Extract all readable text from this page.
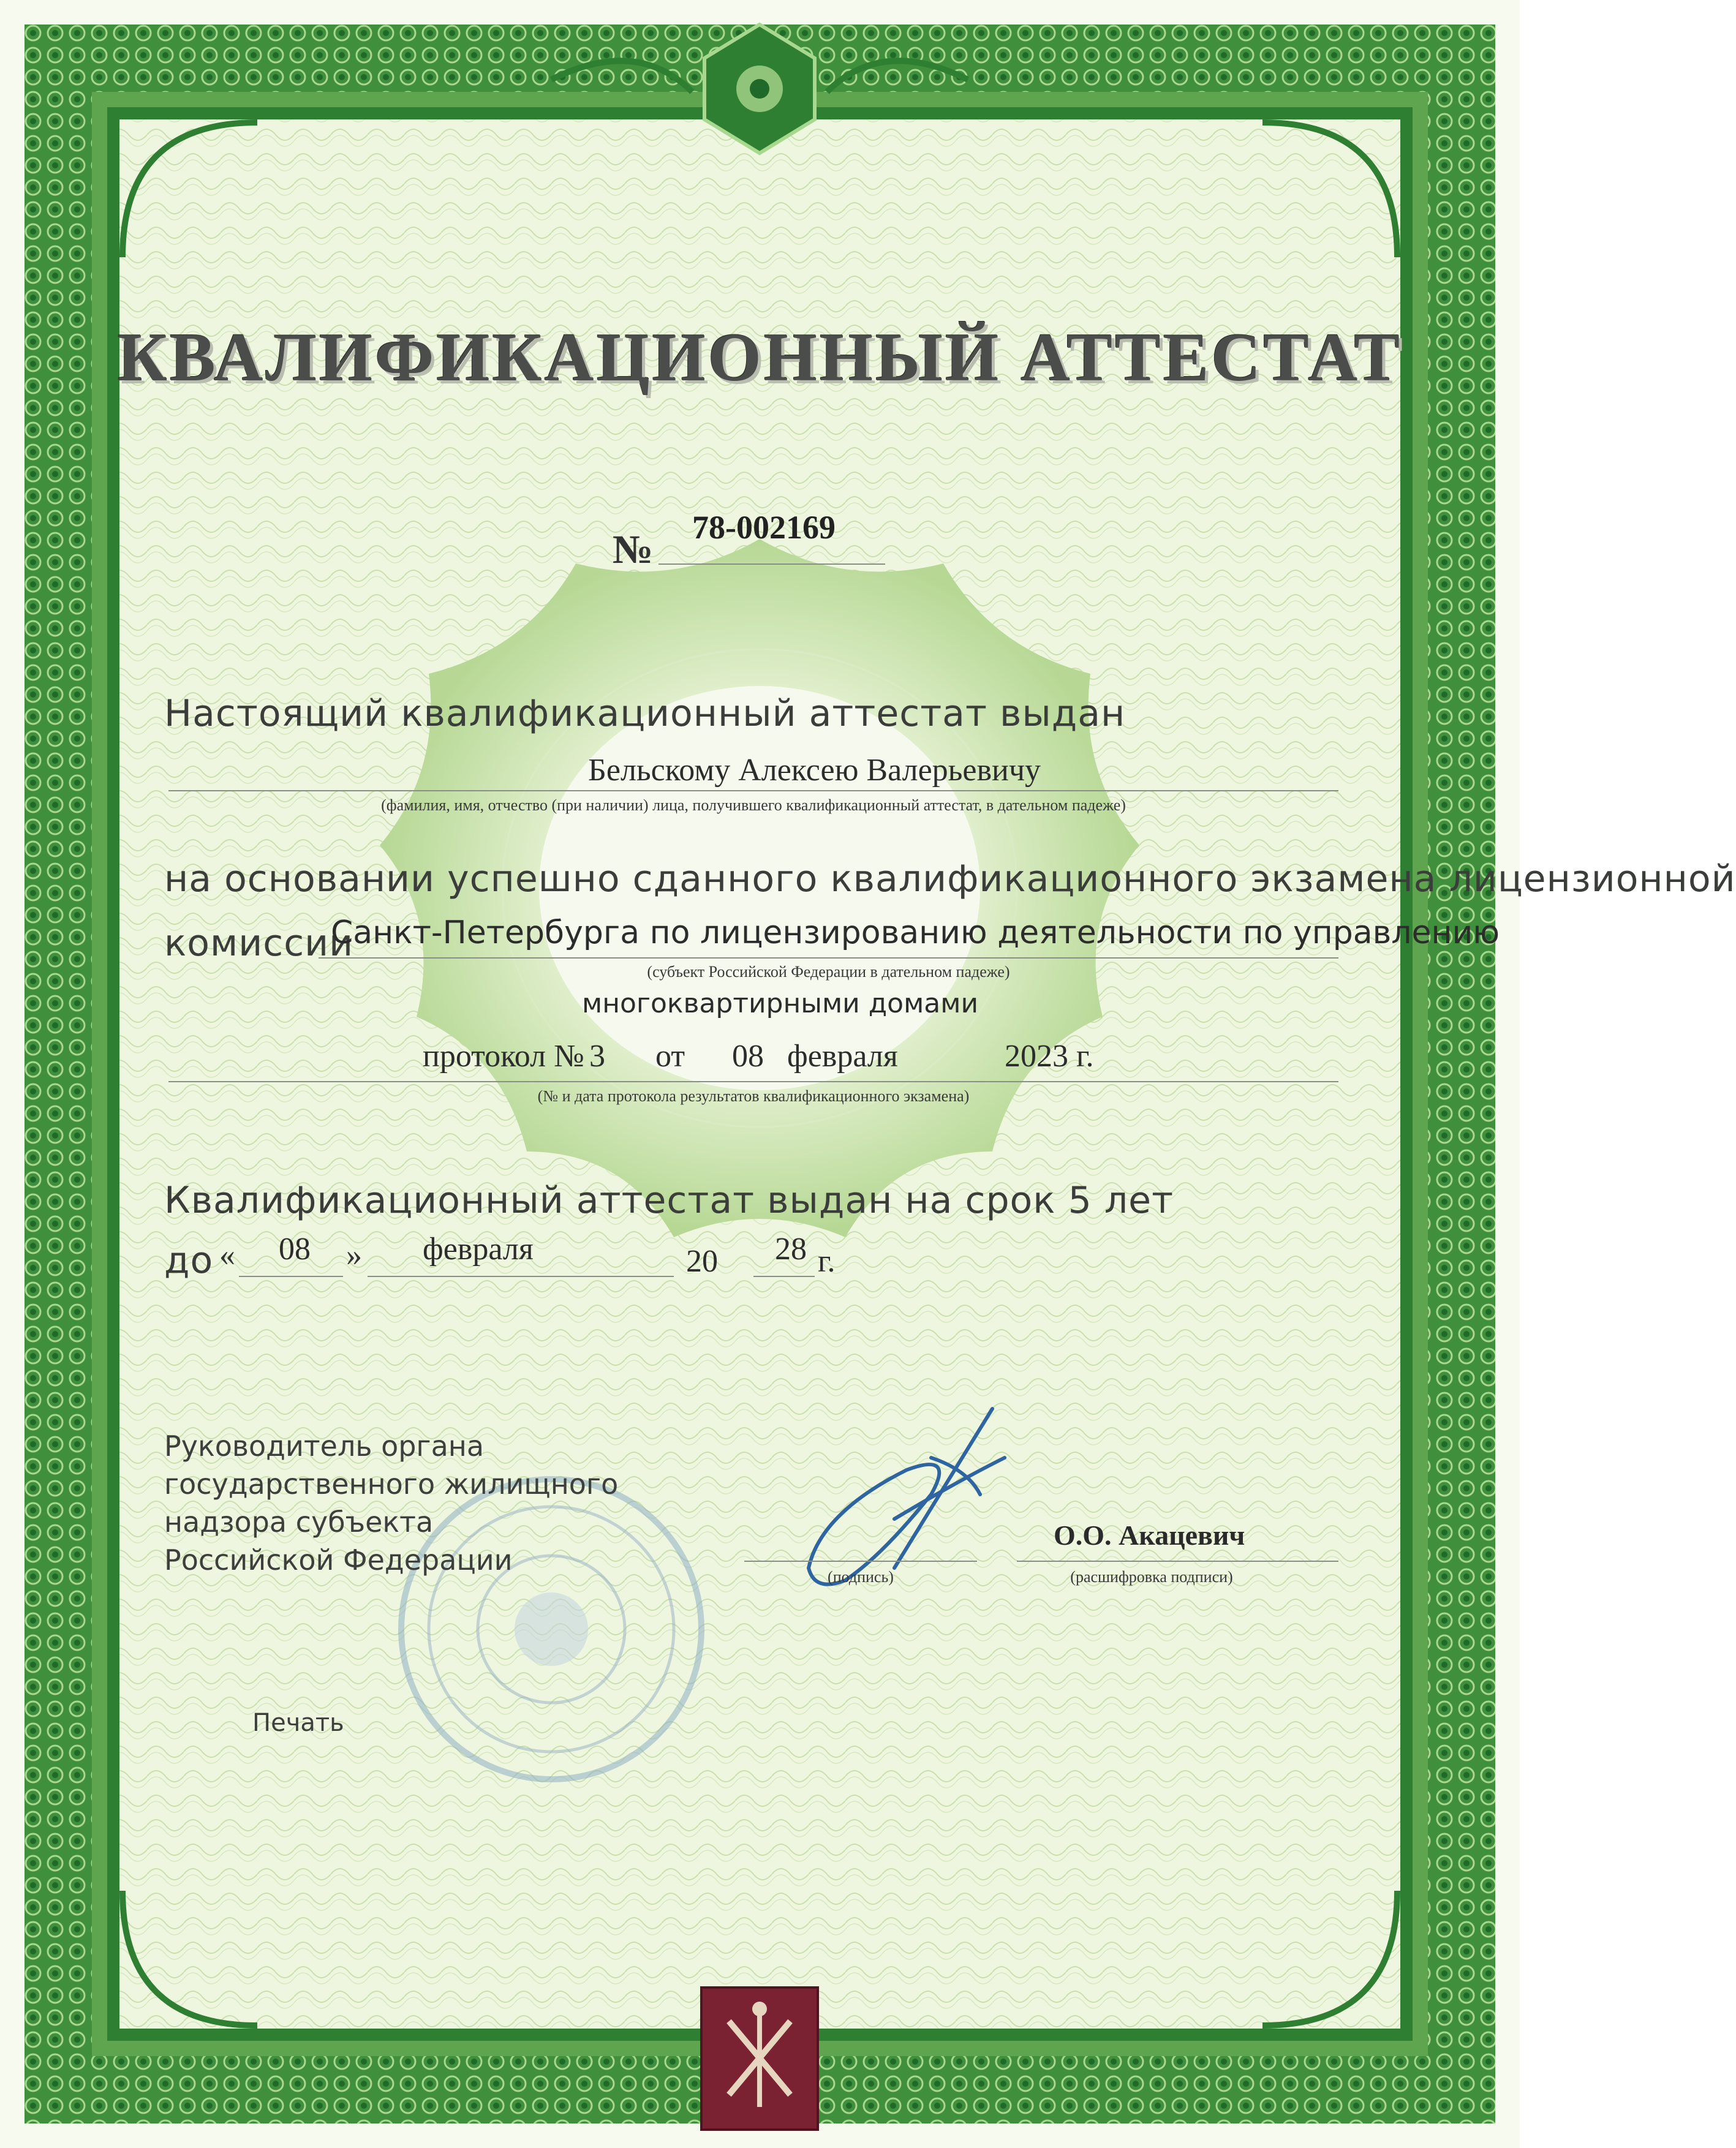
КВАЛИФИКАЦИОННЫЙ АТТЕСТАТ
№ 78-002169
Настоящий квалификационный аттестат выдан
Бельскому Алексею Валерьевичу
(фамилия, имя, отчество (при наличии) лица, получившего квалификационный аттестат, в дательном падеже)
на основании успешно сданного квалификационного экзамена лицензионной
комиссии
Санкт-Петербурга по лицензированию деятельности по управлению
(субъект Российской Федерации в дательном падеже)
многоквартирными домами
протокол № 3 от 08 февраля	2023 г.
(№ и дата протокола результатов квалификационного экзамена)
Квалификационный аттестат выдан на срок 5 лет
до « 08 » февраля	20 28 г.
Руководитель органа
государственного жилищного
надзора субъекта
Российской Федерации
(подпись)
О.О. Акацевич
(расшифровка подписи)
Печать
